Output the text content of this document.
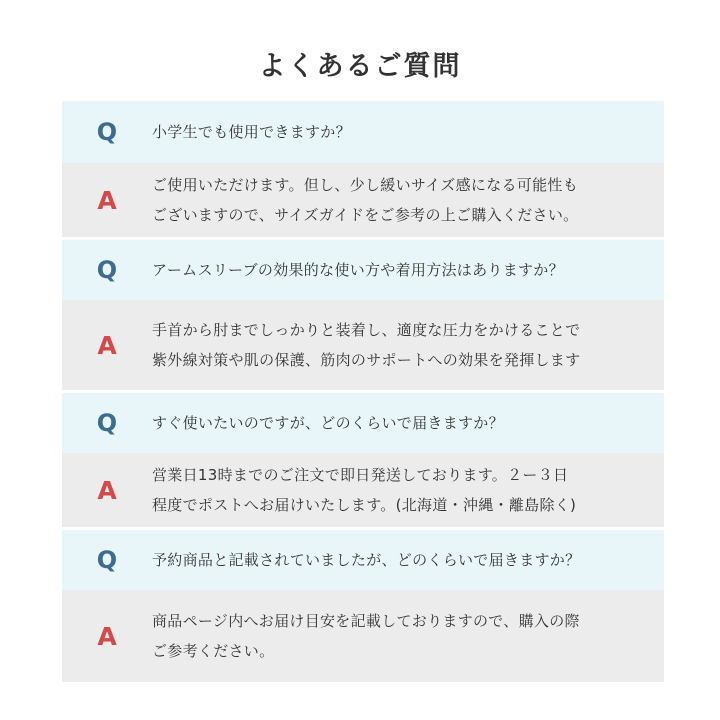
よくあるご質問
Q 小学生でも使用できますか？
A
ご使用いただけます。但し、少し緩いサイズ感になる可能性も
ございますので、サイズガイドをご参考の上ご購入ください。
Q アームスリーブの効果的な使い方や着用方法はありますか？
A
手首から肘までしっかりと装着し、適度な圧力をかけることで
紫外線対策や肌の保護、筋肉のサポートへの効果を発揮します
Q すぐ使いたいのですが、どのくらいで届きますか？
A
営業日13時までのご注文で即日発送しております。２ー３日
程度でポストへお届けいたします。(北海道・沖縄・離島除く)
Q 予約商品と記載されていましたが、どのくらいで届きますか？
A
商品ページ内へお届け目安を記載しておりますので、購入の際
ご参考ください。
